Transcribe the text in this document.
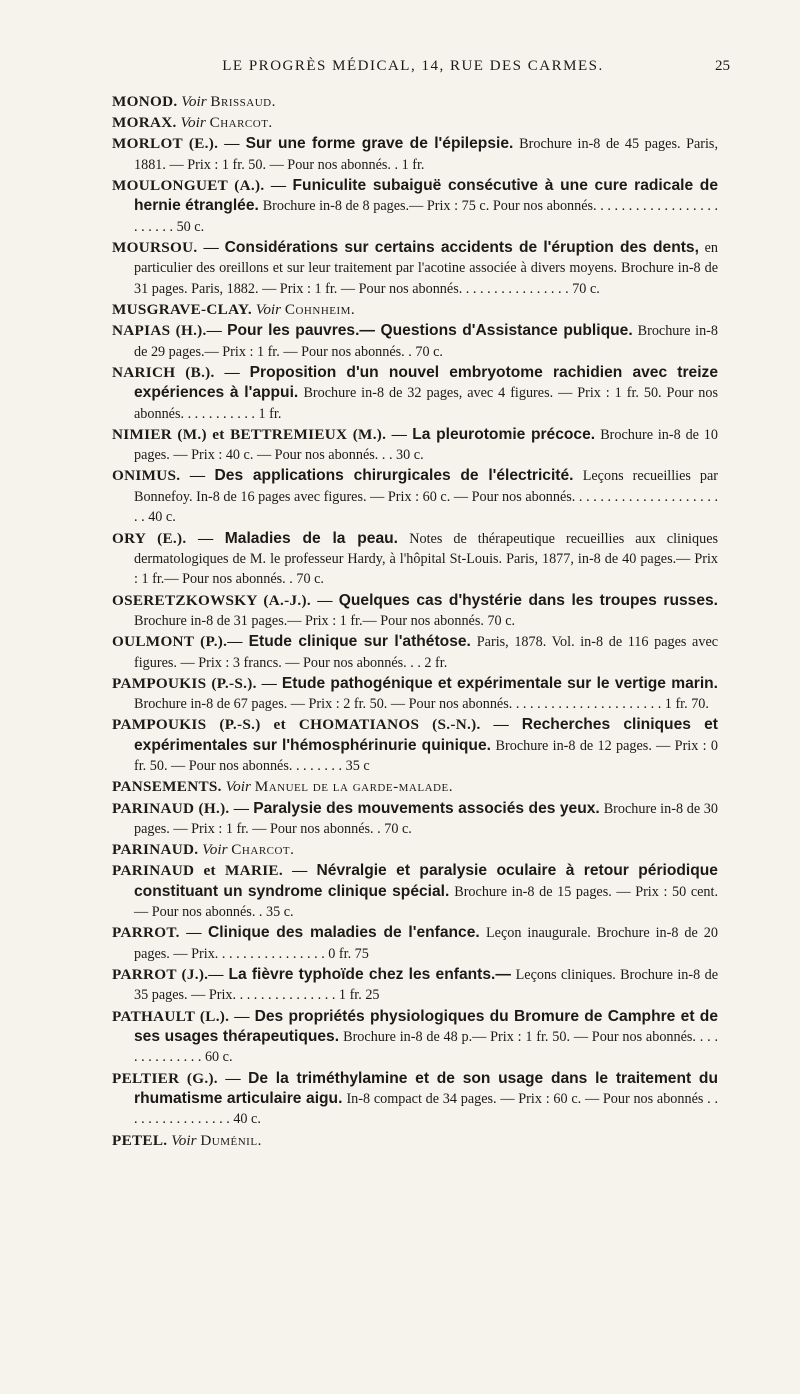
LE PROGRÈS MÉDICAL, 14, RUE DES CARMES.	25

MONOD. Voir Brissaud.

MORAX. Voir Charcot.

MORLOT (E.). — Sur une forme grave de l'épilepsie. Brochure in-8 de 45 pages. Paris, 1881. — Prix : 1 fr. 50. — Pour nos abonnés. . 1 fr.

MOULONGUET (A.). — Funiculite subaiguë consécutive à une cure radicale de hernie étranglée. Brochure in-8 de 8 pages.— Prix : 75 c. Pour nos abonnés. . . . . . . . . . . . . . . . . . . . . . . . 50 c.

MOURSOU. — Considérations sur certains accidents de l'éruption des dents, en particulier des oreillons et sur leur traitement par l'acotine associée à divers moyens. Brochure in-8 de 31 pages. Paris, 1882. — Prix : 1 fr. — Pour nos abonnés. . . . . . . . . . . . . . . . 70 c.

MUSGRAVE-CLAY. Voir Cohnheim.

NAPIAS (H.).— Pour les pauvres.— Questions d'Assistance publique. Brochure in-8 de 29 pages.— Prix : 1 fr. — Pour nos abonnés. . 70 c.

NARICH (B.). — Proposition d'un nouvel embryotome rachidien avec treize expériences à l'appui. Brochure in-8 de 32 pages, avec 4 figures. — Prix : 1 fr. 50. Pour nos abonnés. . . . . . . . . . . 1 fr.

NIMIER (M.) et BETTREMIEUX (M.). — La pleurotomie précoce. Brochure in-8 de 10 pages. — Prix : 40 c. — Pour nos abonnés. . . 30 c.

ONIMUS. — Des applications chirurgicales de l'électricité. Leçons recueillies par Bonnefoy. In-8 de 16 pages avec figures. — Prix : 60 c. — Pour nos abonnés. . . . . . . . . . . . . . . . . . . . . . . 40 c.

ORY (E.). — Maladies de la peau. Notes de thérapeutique recueillies aux cliniques dermatologiques de M. le professeur Hardy, à l'hôpital St-Louis. Paris, 1877, in-8 de 40 pages.— Prix : 1 fr.— Pour nos abonnés. . 70 c.

OSERETZKOWSKY (A.-J.). — Quelques cas d'hystérie dans les troupes russes. Brochure in-8 de 31 pages.— Prix : 1 fr.— Pour nos abonnés. 70 c.

OULMONT (P.).— Etude clinique sur l'athétose. Paris, 1878. Vol. in-8 de 116 pages avec figures. — Prix : 3 francs. — Pour nos abonnés. . . 2 fr.

PAMPOUKIS (P.-S.). — Etude pathogénique et expérimentale sur le vertige marin. Brochure in-8 de 67 pages. — Prix : 2 fr. 50. — Pour nos abonnés. . . . . . . . . . . . . . . . . . . . . . 1 fr. 70.

PAMPOUKIS (P.-S.) et CHOMATIANOS (S.-N.). — Recherches cliniques et expérimentales sur l'hémosphérinurie quinique. Brochure in-8 de 12 pages. — Prix : 0 fr. 50. — Pour nos abonnés. . . . . . . . 35 c

PANSEMENTS. Voir Manuel de la garde-malade.

PARINAUD (H.). — Paralysie des mouvements associés des yeux. Brochure in-8 de 30 pages. — Prix : 1 fr. — Pour nos abonnés. . 70 c.

PARINAUD. Voir Charcot.

PARINAUD et MARIE. — Névralgie et paralysie oculaire à retour périodique constituant un syndrome clinique spécial. Brochure in-8 de 15 pages. — Prix : 50 cent. — Pour nos abonnés. . 35 c.

PARROT. — Clinique des maladies de l'enfance. Leçon inaugurale. Brochure in-8 de 20 pages. — Prix. . . . . . . . . . . . . . . . 0 fr. 75

PARROT (J.).— La fièvre typhoïde chez les enfants.— Leçons cliniques. Brochure in-8 de 35 pages. — Prix. . . . . . . . . . . . . . . 1 fr. 25

PATHAULT (L.). — Des propriétés physiologiques du Bromure de Camphre et de ses usages thérapeutiques. Brochure in-8 de 48 p.— Prix : 1 fr. 50. — Pour nos abonnés. . . . . . . . . . . . . . 60 c.

PELTIER (G.). — De la triméthylamine et de son usage dans le traitement du rhumatisme articulaire aigu. In-8 compact de 34 pages. — Prix : 60 c. — Pour nos abonnés . . . . . . . . . . . . . . . . 40 c.

PETEL. Voir Duménil.
